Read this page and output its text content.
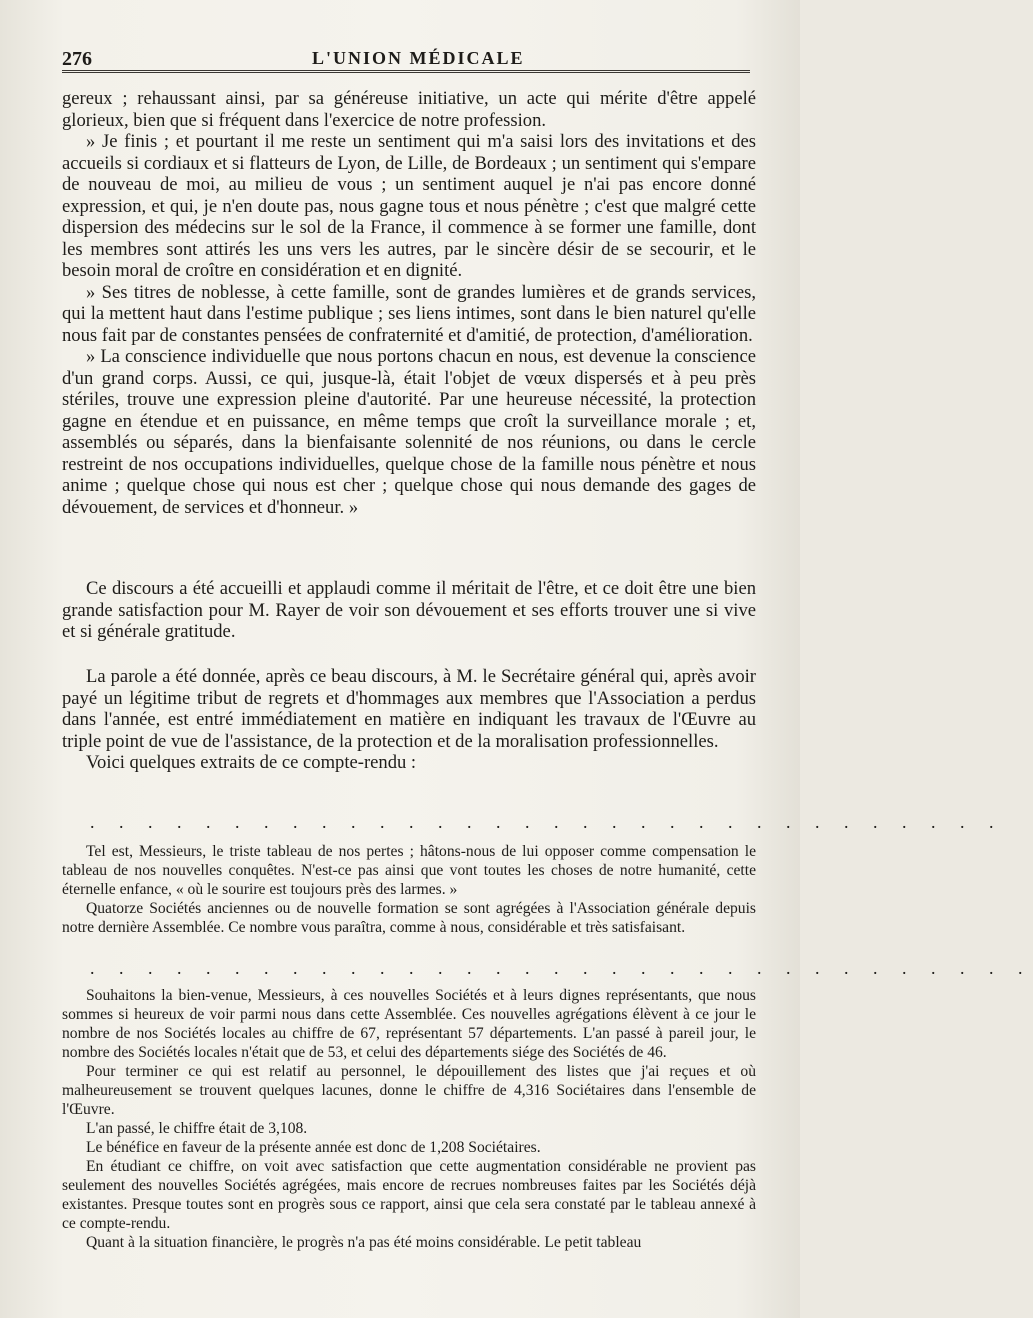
276	L'UNION MÉDICALE

gereux ; rehaussant ainsi, par sa généreuse initiative, un acte qui mérite d'être appelé glorieux, bien que si fréquent dans l'exercice de notre profession.

» Je finis ; et pourtant il me reste un sentiment qui m'a saisi lors des invitations et des accueils si cordiaux et si flatteurs de Lyon, de Lille, de Bordeaux ; un sentiment qui s'empare de nouveau de moi, au milieu de vous ; un sentiment auquel je n'ai pas encore donné expression, et qui, je n'en doute pas, nous gagne tous et nous pénètre ; c'est que malgré cette dispersion des médecins sur le sol de la France, il commence à se former une famille, dont les membres sont attirés les uns vers les autres, par le sincère désir de se secourir, et le besoin moral de croître en considération et en dignité.

» Ses titres de noblesse, à cette famille, sont de grandes lumières et de grands services, qui la mettent haut dans l'estime publique ; ses liens intimes, sont dans le bien naturel qu'elle nous fait par de constantes pensées de confraternité et d'amitié, de protection, d'amélioration.

» La conscience individuelle que nous portons chacun en nous, est devenue la conscience d'un grand corps. Aussi, ce qui, jusque-là, était l'objet de vœux dispersés et à peu près stériles, trouve une expression pleine d'autorité. Par une heureuse nécessité, la protection gagne en étendue et en puissance, en même temps que croît la surveillance morale ; et, assemblés ou séparés, dans la bienfaisante solennité de nos réunions, ou dans le cercle restreint de nos occupations individuelles, quelque chose de la famille nous pénètre et nous anime ; quelque chose qui nous est cher ; quelque chose qui nous demande des gages de dévouement, de services et d'honneur. »

Ce discours a été accueilli et applaudi comme il méritait de l'être, et ce doit être une bien grande satisfaction pour M. Rayer de voir son dévouement et ses efforts trouver une si vive et si générale gratitude.

La parole a été donnée, après ce beau discours, à M. le Secrétaire général qui, après avoir payé un légitime tribut de regrets et d'hommages aux membres que l'Association a perdus dans l'année, est entré immédiatement en matière en indiquant les travaux de l'Œuvre au triple point de vue de l'assistance, de la protection et de la moralisation professionnelles.

Voici quelques extraits de ce compte-rendu :

. . . . . . . . . . . . . . . . . . . . . . . . . . . . . . . .

Tel est, Messieurs, le triste tableau de nos pertes ; hâtons-nous de lui opposer comme compensation le tableau de nos nouvelles conquêtes. N'est-ce pas ainsi que vont toutes les choses de notre humanité, cette éternelle enfance, « où le sourire est toujours près des larmes. »

Quatorze Sociétés anciennes ou de nouvelle formation se sont agrégées à l'Association générale depuis notre dernière Assemblée. Ce nombre vous paraîtra, comme à nous, considérable et très satisfaisant.

. . . . . . . . . . . . . . . . . . . . . . . . . . . . . . . . .

Souhaitons la bien-venue, Messieurs, à ces nouvelles Sociétés et à leurs dignes représentants, que nous sommes si heureux de voir parmi nous dans cette Assemblée. Ces nouvelles agrégations élèvent à ce jour le nombre de nos Sociétés locales au chiffre de 67, représentant 57 départements. L'an passé à pareil jour, le nombre des Sociétés locales n'était que de 53, et celui des départements siége des Sociétés de 46.

Pour terminer ce qui est relatif au personnel, le dépouillement des listes que j'ai reçues et où malheureusement se trouvent quelques lacunes, donne le chiffre de 4,316 Sociétaires dans l'ensemble de l'Œuvre.

L'an passé, le chiffre était de 3,108.

Le bénéfice en faveur de la présente année est donc de 1,208 Sociétaires.

En étudiant ce chiffre, on voit avec satisfaction que cette augmentation considérable ne provient pas seulement des nouvelles Sociétés agrégées, mais encore de recrues nombreuses faites par les Sociétés déjà existantes. Presque toutes sont en progrès sous ce rapport, ainsi que cela sera constaté par le tableau annexé à ce compte-rendu.

Quant à la situation financière, le progrès n'a pas été moins considérable. Le petit tableau
